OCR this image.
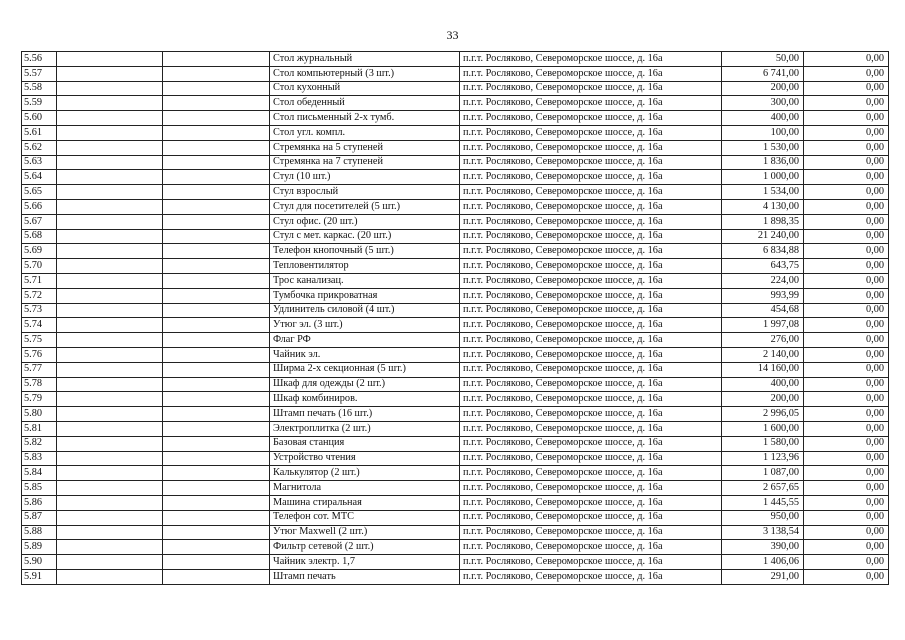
33
5.56			Стол журнальный	п.г.т. Росляково, Североморское шоссе, д. 16а	50,00	0,00
5.57			Стол компьютерный (3 шт.)	п.г.т. Росляково, Североморское шоссе, д. 16а	6 741,00	0,00
5.58			Стол кухонный	п.г.т. Росляково, Североморское шоссе, д. 16а	200,00	0,00
5.59			Стол обеденный	п.г.т. Росляково, Североморское шоссе, д. 16а	300,00	0,00
5.60			Стол письменный 2-х тумб.	п.г.т. Росляково, Североморское шоссе, д. 16а	400,00	0,00
5.61			Стол угл. компл.	п.г.т. Росляково, Североморское шоссе, д. 16а	100,00	0,00
5.62			Стремянка на 5 ступеней	п.г.т. Росляково, Североморское шоссе, д. 16а	1 530,00	0,00
5.63			Стремянка на 7 ступеней	п.г.т. Росляково, Североморское шоссе, д. 16а	1 836,00	0,00
5.64			Стул (10 шт.)	п.г.т. Росляково, Североморское шоссе, д. 16а	1 000,00	0,00
5.65			Стул взрослый	п.г.т. Росляково, Североморское шоссе, д. 16а	1 534,00	0,00
5.66			Стул для посетителей (5 шт.)	п.г.т. Росляково, Североморское шоссе, д. 16а	4 130,00	0,00
5.67			Стул офис. (20 шт.)	п.г.т. Росляково, Североморское шоссе, д. 16а	1 898,35	0,00
5.68			Стул с мет. каркас. (20 шт.)	п.г.т. Росляково, Североморское шоссе, д. 16а	21 240,00	0,00
5.69			Телефон кнопочный (5 шт.)	п.г.т. Росляково, Североморское шоссе, д. 16а	6 834,88	0,00
5.70			Тепловентилятор	п.г.т. Росляково, Североморское шоссе, д. 16а	643,75	0,00
5.71			Трос канализац.	п.г.т. Росляково, Североморское шоссе, д. 16а	224,00	0,00
5.72			Тумбочка прикроватная	п.г.т. Росляково, Североморское шоссе, д. 16а	993,99	0,00
5.73			Удлинитель силовой (4 шт.)	п.г.т. Росляково, Североморское шоссе, д. 16а	454,68	0,00
5.74			Утюг эл. (3 шт.)	п.г.т. Росляково, Североморское шоссе, д. 16а	1 997,08	0,00
5.75			Флаг РФ	п.г.т. Росляково, Североморское шоссе, д. 16а	276,00	0,00
5.76			Чайник эл.	п.г.т. Росляково, Североморское шоссе, д. 16а	2 140,00	0,00
5.77			Ширма 2-х секционная (5 шт.)	п.г.т. Росляково, Североморское шоссе, д. 16а	14 160,00	0,00
5.78			Шкаф для одежды (2 шт.)	п.г.т. Росляково, Североморское шоссе, д. 16а	400,00	0,00
5.79			Шкаф комбиниров.	п.г.т. Росляково, Североморское шоссе, д. 16а	200,00	0,00
5.80			Штамп печать (16 шт.)	п.г.т. Росляково, Североморское шоссе, д. 16а	2 996,05	0,00
5.81			Электроплитка (2 шт.)	п.г.т. Росляково, Североморское шоссе, д. 16а	1 600,00	0,00
5.82			Базовая станция	п.г.т. Росляково, Североморское шоссе, д. 16а	1 580,00	0,00
5.83			Устройство чтения	п.г.т. Росляково, Североморское шоссе, д. 16а	1 123,96	0,00
5.84			Калькулятор (2 шт.)	п.г.т. Росляково, Североморское шоссе, д. 16а	1 087,00	0,00
5.85			Магнитола	п.г.т. Росляково, Североморское шоссе, д. 16а	2 657,65	0,00
5.86			Машина стиральная	п.г.т. Росляково, Североморское шоссе, д. 16а	1 445,55	0,00
5.87			Телефон сот. МТС	п.г.т. Росляково, Североморское шоссе, д. 16а	950,00	0,00
5.88			Утюг Maxwell (2 шт.)	п.г.т. Росляково, Североморское шоссе, д. 16а	3 138,54	0,00
5.89			Фильтр сетевой (2 шт.)	п.г.т. Росляково, Североморское шоссе, д. 16а	390,00	0,00
5.90			Чайник электр. 1,7	п.г.т. Росляково, Североморское шоссе, д. 16а	1 406,06	0,00
5.91			Штамп печать	п.г.т. Росляково, Североморское шоссе, д. 16а	291,00	0,00
